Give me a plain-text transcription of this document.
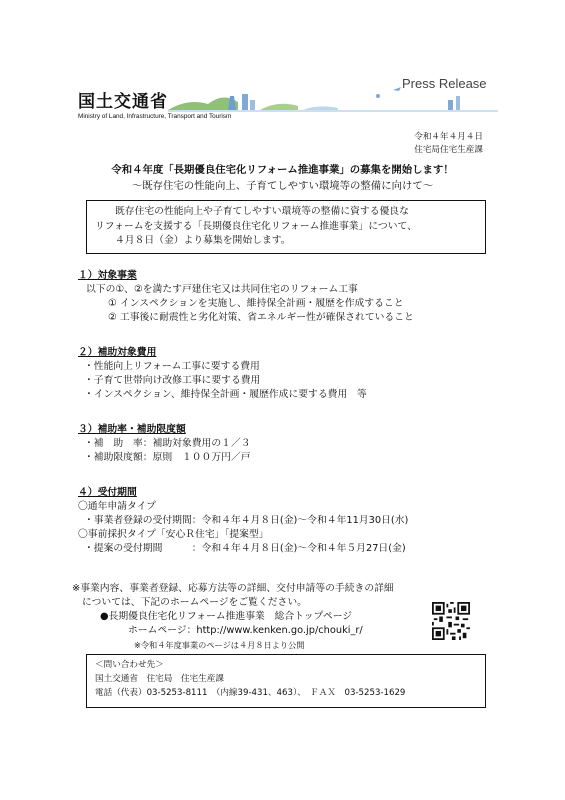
国土交通省
Ministry of Land, Infrastructure, Transport and Tourism
Press Release
令和４年４月４日
住宅局住宅生産課
令和４年度「長期優良住宅化リフォーム推進事業」の募集を開始します！
～既存住宅の性能向上、子育てしやすい環境等の整備に向けて～
既存住宅の性能向上や子育てしやすい環境等の整備に資する優良な
リフォームを支援する「長期優良住宅化リフォーム推進事業」について、
４月８日（金）より募集を開始します。
１）対象事業
以下の①、②を満たす戸建住宅又は共同住宅のリフォーム工事
① インスペクションを実施し、維持保全計画・履歴を作成すること
② 工事後に耐震性と劣化対策、省エネルギー性が確保されていること
２）補助対象費用
・性能向上リフォーム工事に要する費用
・子育て世帯向け改修工事に要する費用
・インスペクション、維持保全計画・履歴作成に要する費用　等
３）補助率・補助限度額
・補　助　率：補助対象費用の１／３
・補助限度額：原則　１００万円／戸
４）受付期間
〇通年申請タイプ
・事業者登録の受付期間：令和４年４月８日(金)～令和４年11月30日(水)
〇事前採択タイプ「安心Ｒ住宅」「提案型」
・提案の受付期間　　　：令和４年４月８日(金)～令和４年５月27日(金)
※事業内容、事業者登録、応募方法等の詳細、交付申請等の手続きの詳細
については、下記のホームページをご覧ください。
●長期優良住宅化リフォーム推進事業　総合トップページ
ホームページ：http://www.kenken.go.jp/chouki_r/
※令和４年度事業のページは４月８日より公開
＜問い合わせ先＞
国土交通省　住宅局　住宅生産課
電話（代表）03-5253-8111　（内線39-431、463）、　ＦＡＸ　03-5253-1629
